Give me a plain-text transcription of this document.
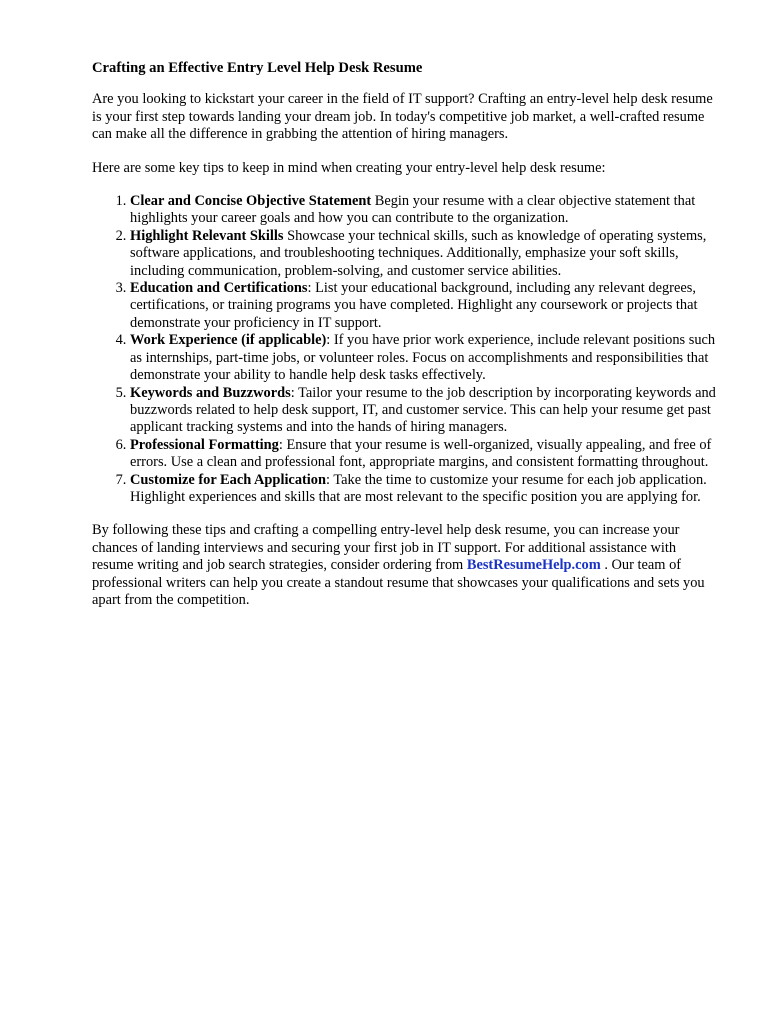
Crafting an Effective Entry Level Help Desk Resume

Are you looking to kickstart your career in the field of IT support? Crafting an entry-level help desk resume is your first step towards landing your dream job. In today's competitive job market, a well-crafted resume can make all the difference in grabbing the attention of hiring managers.

Here are some key tips to keep in mind when creating your entry-level help desk resume:

1. Clear and Concise Objective Statement Begin your resume with a clear objective statement that highlights your career goals and how you can contribute to the organization.
2. Highlight Relevant Skills Showcase your technical skills, such as knowledge of operating systems, software applications, and troubleshooting techniques. Additionally, emphasize your soft skills, including communication, problem-solving, and customer service abilities.
3. Education and Certifications: List your educational background, including any relevant degrees, certifications, or training programs you have completed. Highlight any coursework or projects that demonstrate your proficiency in IT support.
4. Work Experience (if applicable): If you have prior work experience, include relevant positions such as internships, part-time jobs, or volunteer roles. Focus on accomplishments and responsibilities that demonstrate your ability to handle help desk tasks effectively.
5. Keywords and Buzzwords: Tailor your resume to the job description by incorporating keywords and buzzwords related to help desk support, IT, and customer service. This can help your resume get past applicant tracking systems and into the hands of hiring managers.
6. Professional Formatting: Ensure that your resume is well-organized, visually appealing, and free of errors. Use a clean and professional font, appropriate margins, and consistent formatting throughout.
7. Customize for Each Application: Take the time to customize your resume for each job application. Highlight experiences and skills that are most relevant to the specific position you are applying for.

By following these tips and crafting a compelling entry-level help desk resume, you can increase your chances of landing interviews and securing your first job in IT support. For additional assistance with resume writing and job search strategies, consider ordering from BestResumeHelp.com . Our team of professional writers can help you create a standout resume that showcases your qualifications and sets you apart from the competition.
